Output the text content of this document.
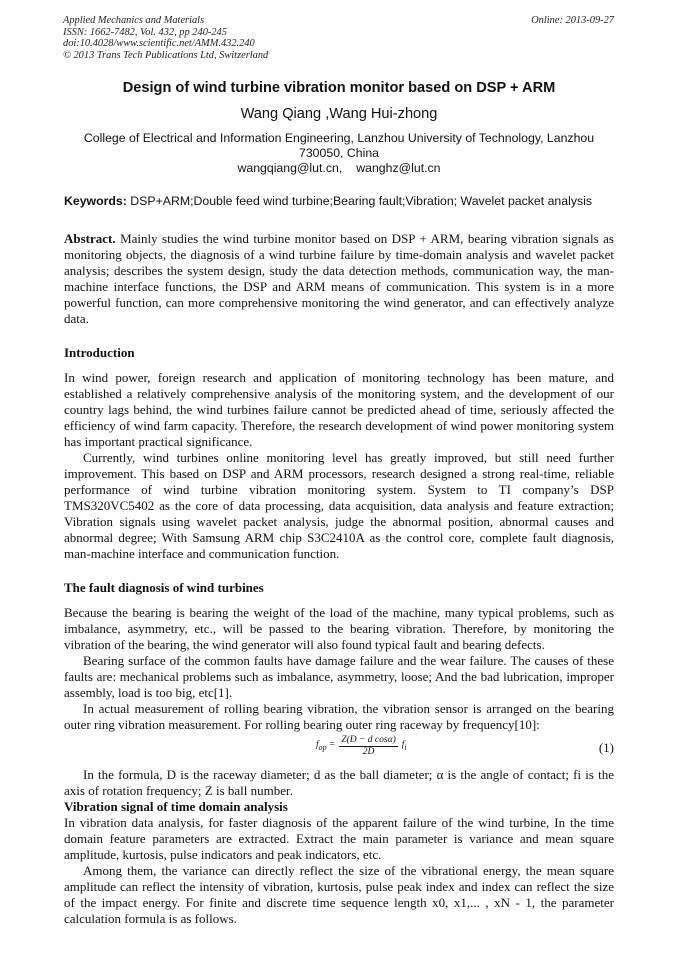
Applied Mechanics and Materials
ISSN: 1662-7482, Vol. 432, pp 240-245
doi:10.4028/www.scientific.net/AMM.432.240
© 2013 Trans Tech Publications Ltd, Switzerland
Online: 2013-09-27
Design of wind turbine vibration monitor based on DSP + ARM
Wang Qiang ,Wang Hui-zhong
College of Electrical and Information Engineering, Lanzhou University of Technology, Lanzhou 730050, China
wangqiang@lut.cn, wanghz@lut.cn
Keywords: DSP+ARM;Double feed wind turbine;Bearing fault;Vibration; Wavelet packet analysis

Abstract. Mainly studies the wind turbine monitor based on DSP + ARM, bearing vibration signals as monitoring objects, the diagnosis of a wind turbine failure by time-domain analysis and wavelet packet analysis; describes the system design, study the data detection methods, communication way, the man-machine interface functions, the DSP and ARM means of communication. This system is in a more powerful function, can more comprehensive monitoring the wind generator, and can effectively analyze data.

Introduction

In wind power, foreign research and application of monitoring technology has been mature, and established a relatively comprehensive analysis of the monitoring system, and the development of our country lags behind, the wind turbines failure cannot be predicted ahead of time, seriously affected the efficiency of wind farm capacity. Therefore, the research development of wind power monitoring system has important practical significance.

Currently, wind turbines online monitoring level has greatly improved, but still need further improvement. This based on DSP and ARM processors, research designed a strong real-time, reliable performance of wind turbine vibration monitoring system. System to TI company’s DSP TMS320VC5402 as the core of data processing, data acquisition, data analysis and feature extraction; Vibration signals using wavelet packet analysis, judge the abnormal position, abnormal causes and abnormal degree; With Samsung ARM chip S3C2410A as the control core, complete fault diagnosis, man-machine interface and communication function.

The fault diagnosis of wind turbines

Because the bearing is bearing the weight of the load of the machine, many typical problems, such as imbalance, asymmetry, etc., will be passed to the bearing vibration. Therefore, by monitoring the vibration of the bearing, the wind generator will also found typical fault and bearing defects.

Bearing surface of the common faults have damage failure and the wear failure. The causes of these faults are: mechanical problems such as imbalance, asymmetry, loose; And the bad lubrication, improper assembly, load is too big, etc[1].

In actual measurement of rolling bearing vibration, the vibration sensor is arranged on the bearing outer ring vibration measurement. For rolling bearing outer ring raceway by frequency[10]:

$f_{op} = \frac{\text{Z(D − d cosα)}}{2D} f_i$	(1)

In the formula, D is the raceway diameter; d as the ball diameter; α is the angle of contact; fi is the axis of rotation frequency; Z is ball number.

Vibration signal of time domain analysis

In vibration data analysis, for faster diagnosis of the apparent failure of the wind turbine, In the time domain feature parameters are extracted. Extract the main parameter is variance and mean square amplitude, kurtosis, pulse indicators and peak indicators, etc.

Among them, the variance can directly reflect the size of the vibrational energy, the mean square amplitude can reflect the intensity of vibration, kurtosis, pulse peak index and index can reflect the size of the impact energy. For finite and discrete time sequence length x0, x1,... , xN - 1, the parameter calculation formula is as follows.
